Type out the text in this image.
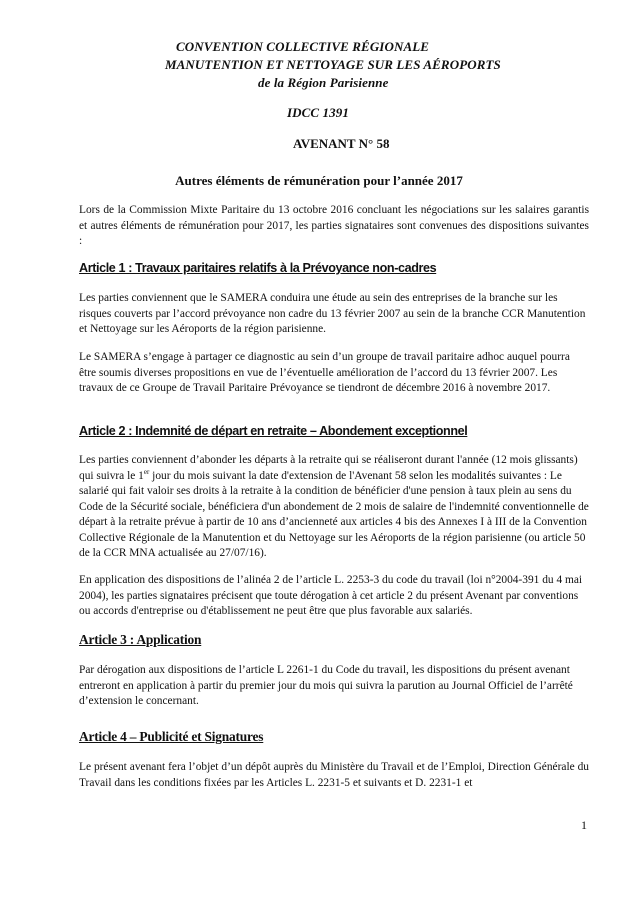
CONVENTION COLLECTIVE RÉGIONALE
MANUTENTION ET NETTOYAGE SUR LES AÉROPORTS
de la Région Parisienne
IDCC 1391
AVENANT N° 58
Autres éléments de rémunération pour l’année 2017
Lors de la Commission Mixte Paritaire du 13 octobre 2016 concluant les négociations sur les salaires garantis et autres éléments de rémunération pour 2017, les parties signataires sont convenues des dispositions suivantes :
Article 1 : Travaux paritaires relatifs à la Prévoyance non-cadres
Les parties conviennent que le SAMERA conduira une étude au sein des entreprises de la branche sur les risques couverts par l’accord prévoyance non cadre du 13 février 2007 au sein de la branche CCR Manutention et Nettoyage sur les Aéroports de la région parisienne.
Le SAMERA s’engage à partager ce diagnostic au sein d’un groupe de travail paritaire adhoc auquel pourra être soumis diverses propositions en vue de l’éventuelle amélioration de l’accord du 13 février 2007. Les travaux de ce Groupe de Travail Paritaire Prévoyance se tiendront de décembre 2016 à novembre 2017.
Article 2 : Indemnité de départ en retraite – Abondement exceptionnel
Les parties conviennent d’abonder les départs à la retraite qui se réaliseront durant l'année (12 mois glissants) qui suivra le 1er jour du mois suivant la date d'extension de l'Avenant 58 selon les modalités suivantes : Le salarié qui fait valoir ses droits à la retraite à la condition de bénéficier d'une pension à taux plein au sens du Code de la Sécurité sociale, bénéficiera d'un abondement de 2 mois de salaire de l'indemnité conventionnelle de départ à la retraite prévue à partir de 10 ans d’ancienneté aux articles 4 bis des Annexes I à III de la Convention Collective Régionale de la Manutention et du Nettoyage sur les Aéroports de la région parisienne (ou article 50 de la CCR MNA actualisée au 27/07/16).
En application des dispositions de l’alinéa 2 de l’article L. 2253-3 du code du travail (loi n°2004-391 du 4 mai 2004), les parties signataires précisent que toute dérogation à cet article 2 du présent Avenant par conventions ou accords d'entreprise ou d'établissement ne peut être que plus favorable aux salariés.
Article 3 : Application
Par dérogation aux dispositions de l’article L 2261-1 du Code du travail, les dispositions du présent avenant entreront en application à partir du premier jour du mois qui suivra la parution au Journal Officiel de l’arrêté d’extension le concernant.
Article 4 – Publicité et Signatures
Le présent avenant fera l’objet d’un dépôt auprès du Ministère du Travail et de l’Emploi, Direction Générale du Travail dans les conditions fixées par les Articles L. 2231-5 et suivants et D. 2231-1 et
1
